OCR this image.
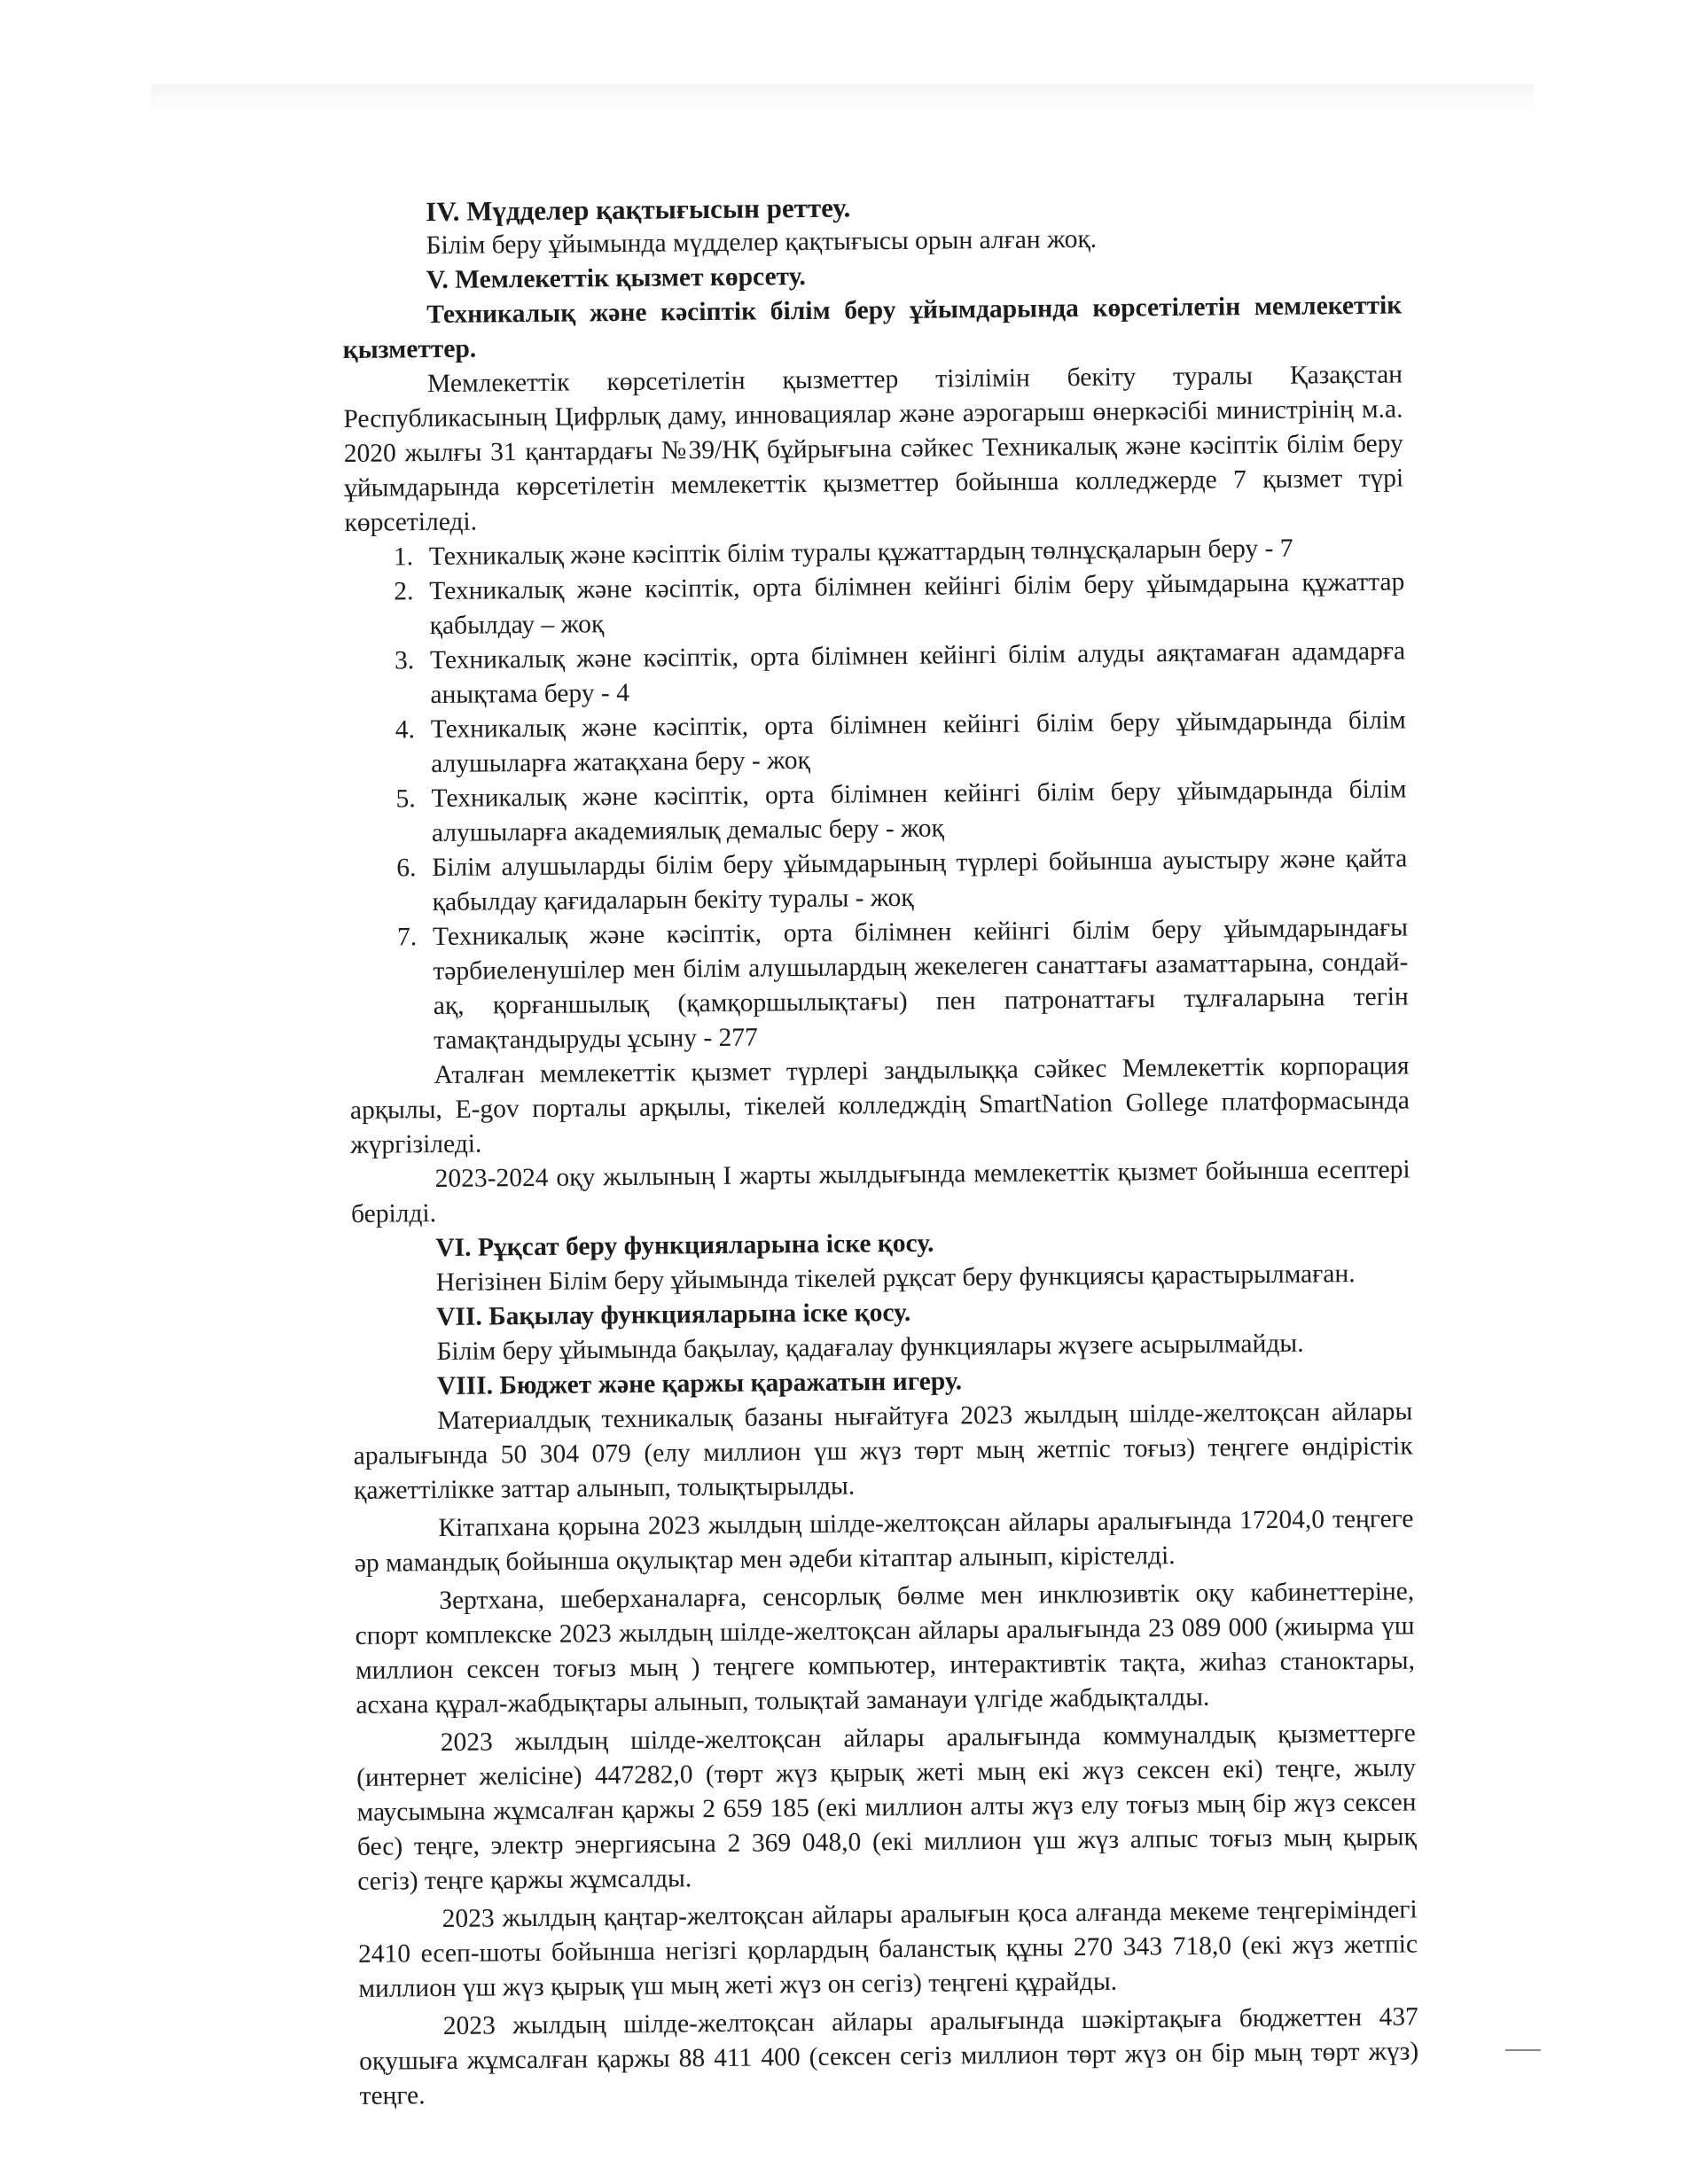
IV. Мүдделер қақтығысын реттеу.

Білім беру ұйымында мүдделер қақтығысы орын алған жоқ.

V. Мемлекеттік қызмет көрсету.

Техникалық және кәсіптік білім беру ұйымдарында көрсетілетін мемлекеттік қызметтер.

Мемлекеттік көрсетілетін қызметтер тізілімін бекіту туралы Қазақстан Республикасының Цифрлық даму, инновациялар және аэрогарыш өнеркәсібі министрінің м.а. 2020 жылғы 31 қантардағы №39/НҚ бұйрығына сәйкес Техникалық және кәсіптік білім беру ұйымдарында көрсетілетін мемлекеттік қызметтер бойынша колледжерде 7 қызмет түрі көрсетіледі.

1. Техникалық және кәсіптік білім туралы құжаттардың төлнұсқаларын беру - 7
2. Техникалық және кәсіптік, орта білімнен кейінгі білім беру ұйымдарына құжаттар қабылдау – жоқ
3. Техникалық және кәсіптік, орта білімнен кейінгі білім алуды аяқтамаған адамдарға анықтама беру - 4
4. Техникалық және кәсіптік, орта білімнен кейінгі білім беру ұйымдарында білім алушыларға жатақхана беру - жоқ
5. Техникалық және кәсіптік, орта білімнен кейінгі білім беру ұйымдарында білім алушыларға академиялық демалыс беру - жоқ
6. Білім алушыларды білім беру ұйымдарының түрлері бойынша ауыстыру және қайта қабылдау қағидаларын бекіту туралы - жоқ
7. Техникалық және кәсіптік, орта білімнен кейінгі білім беру ұйымдарындағы тәрбиеленушілер мен білім алушылардың жекелеген санаттағы азаматтарына, сондай- ақ, қорғаншылық (қамқоршылықтағы) пен патронаттағы тұлғаларына тегін тамақтандыруды ұсыну - 277

Аталған мемлекеттік қызмет түрлері заңдылыққа сәйкес Мемлекеттік корпорация арқылы, E-gov порталы арқылы, тікелей колледждің SmartNation Gollege платформасында жүргізіледі.

2023-2024 оқу жылының I жарты жылдығында мемлекеттік қызмет бойынша есептері берілді.

VI. Рұқсат беру функцияларына іске қосу.

Негізінен Білім беру ұйымында тікелей рұқсат беру функциясы қарастырылмаған.

VII. Бақылау функцияларына іске қосу.

Білім беру ұйымында бақылау, қадағалау функциялары жүзеге асырылмайды.

VIII. Бюджет және қаржы қаражатын игеру.

Материалдық техникалық базаны нығайтуға 2023 жылдың шілде-желтоқсан айлары аралығында 50 304 079 (елу миллион үш жүз төрт мың жетпіс тоғыз) теңгеге өндірістік қажеттілікке заттар алынып, толықтырылды.

Кітапхана қорына 2023 жылдың шілде-желтоқсан айлары аралығында 17204,0 теңгеге әр мамандық бойынша оқулықтар мен әдеби кітаптар алынып, кірістелді.

Зертхана, шеберханаларға, сенсорлық бөлме мен инклюзивтік оқу кабинеттеріне, спорт комплекске 2023 жылдың шілде-желтоқсан айлары аралығында 23 089 000 (жиырма үш миллион сексен тоғыз мың ) теңгеге компьютер, интерактивтік тақта, жиһаз станоктары, асхана құрал-жабдықтары алынып, толықтай заманауи үлгіде жабдықталды.

2023 жылдың шілде-желтоқсан айлары аралығында коммуналдық қызметтерге (интернет желісіне) 447282,0 (төрт жүз қырық жеті мың екі жүз сексен екі) теңге, жылу маусымына жұмсалған қаржы 2 659 185 (екі миллион алты жүз елу тоғыз мың бір жүз сексен бес) теңге, электр энергиясына 2 369 048,0 (екі миллион үш жүз алпыс тоғыз мың қырық сегіз) теңге қаржы жұмсалды.

2023 жылдың қаңтар-желтоқсан айлары аралығын қоса алғанда мекеме теңгеріміндегі 2410 есеп-шоты бойынша негізгі қорлардың баланстық құны 270 343 718,0 (екі жүз жетпіс миллион үш жүз қырық үш мың жеті жүз он сегіз) теңгені құрайды.

2023 жылдың шілде-желтоқсан айлары аралығында шәкіртақыға бюджеттен 437 оқушыға жұмсалған қаржы 88 411 400 (сексен сегіз миллион төрт жүз он бір мың төрт жүз) теңге.
